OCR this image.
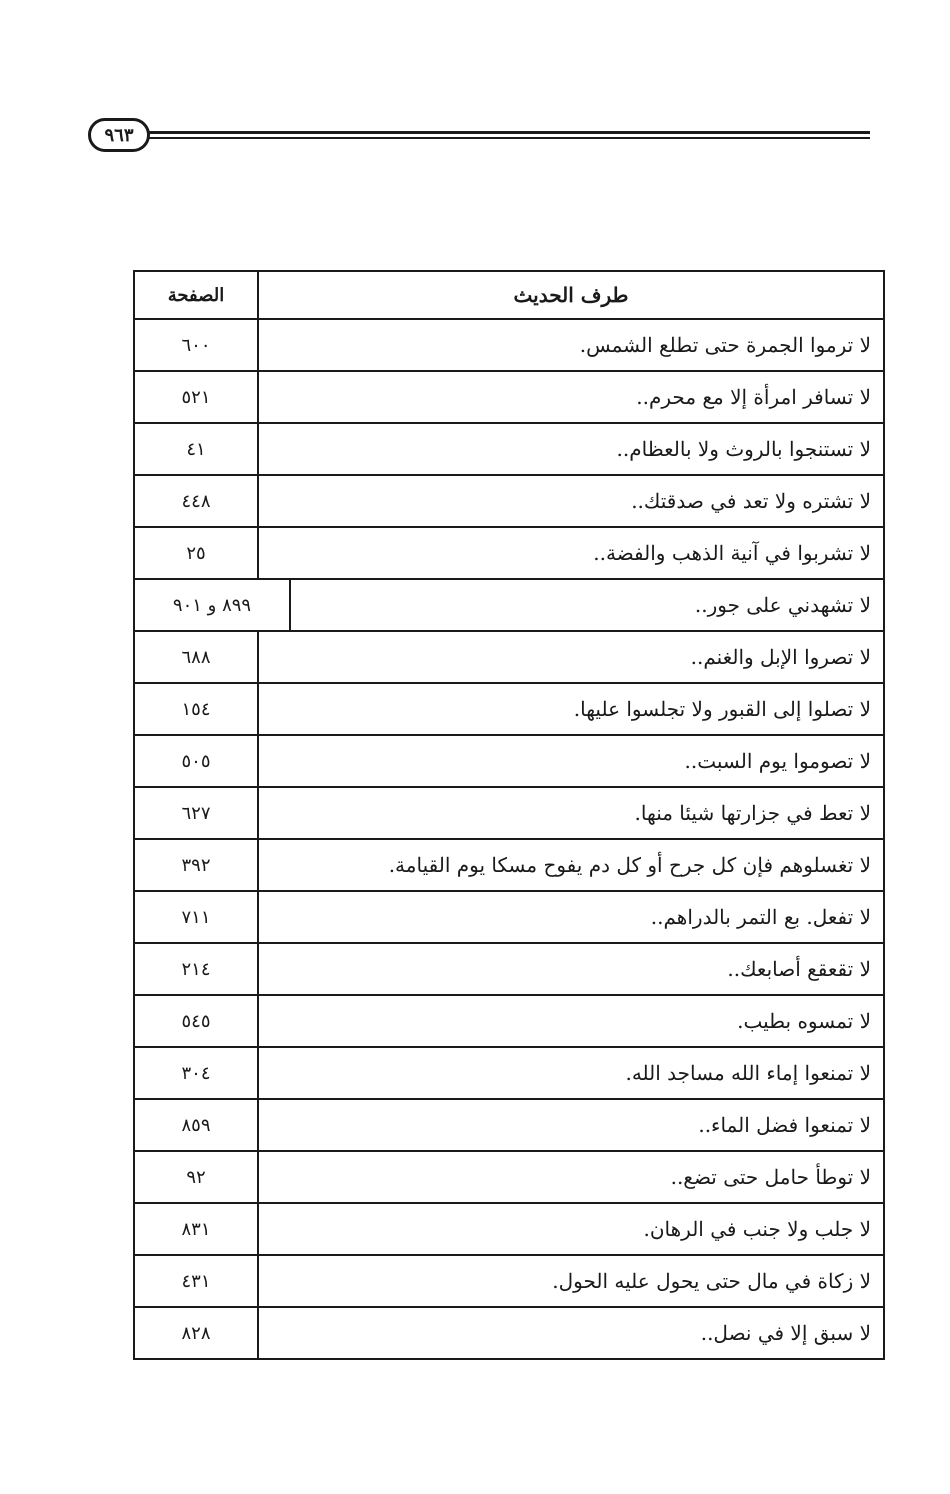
٩٦٣
طرف الحديث
الصفحة
لا ترموا الجمرة حتى تطلع الشمس.
٦٠٠
لا تسافر امرأة إلا مع محرم..
٥٢١
لا تستنجوا بالروث ولا بالعظام..
٤١
لا تشتره ولا تعد في صدقتك..
٤٤٨
لا تشربوا في آنية الذهب والفضة..
٢٥
لا تشهدني على جور..
٨٩٩ و ٩٠١
لا تصروا الإبل والغنم..
٦٨٨
لا تصلوا إلى القبور ولا تجلسوا عليها.
١٥٤
لا تصوموا يوم السبت..
٥٠٥
لا تعط في جزارتها شيئا منها.
٦٢٧
لا تغسلوهم فإن كل جرح أو كل دم يفوح مسكا يوم القيامة.
٣٩٢
لا تفعل. بع التمر بالدراهم..
٧١١
لا تقعقع أصابعك..
٢١٤
لا تمسوه بطيب.
٥٤٥
لا تمنعوا إماء الله مساجد الله.
٣٠٤
لا تمنعوا فضل الماء..
٨٥٩
لا توطأ حامل حتى تضع..
٩٢
لا جلب ولا جنب في الرهان.
٨٣١
لا زكاة في مال حتى يحول عليه الحول.
٤٣١
لا سبق إلا في نصل..
٨٢٨
